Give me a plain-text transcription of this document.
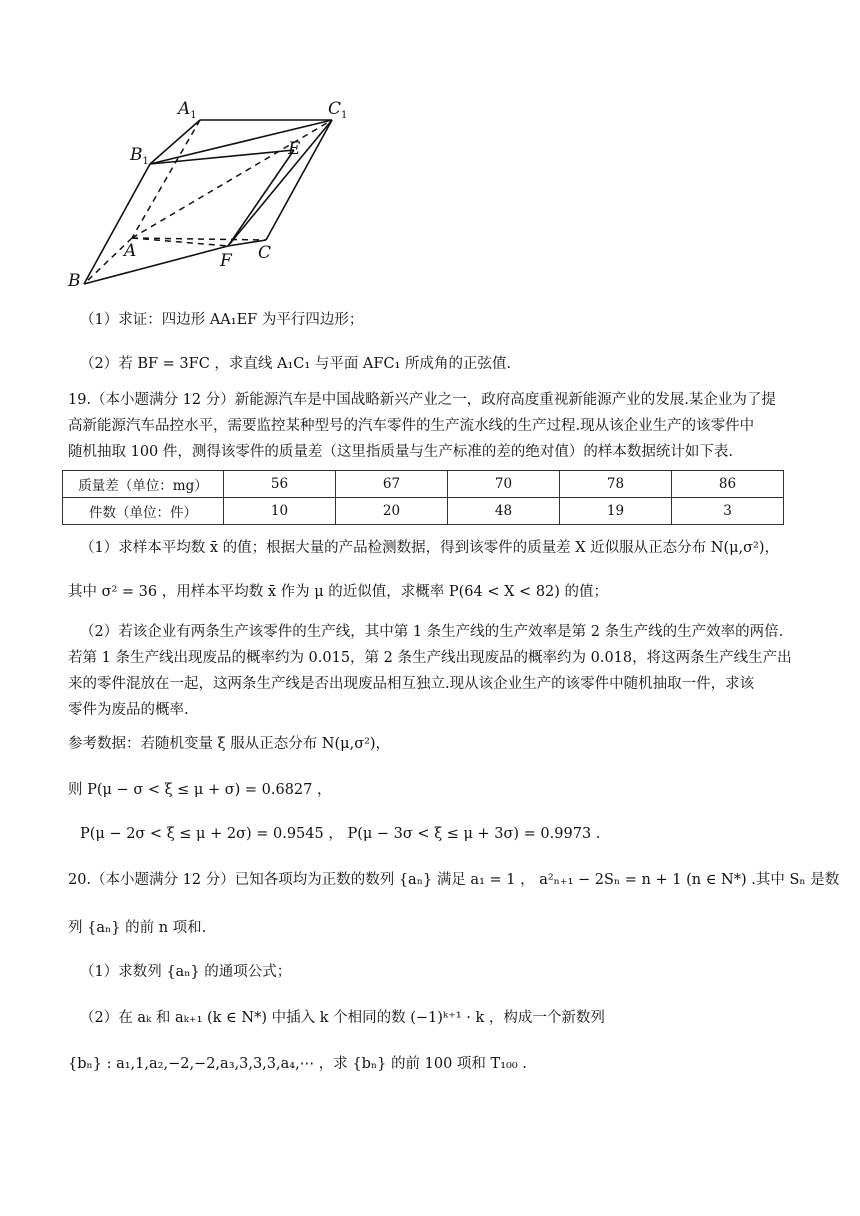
$A_1$	$C_1$
$B_1$
E
A	F C
B
（1）求证：四边形 AA₁EF 为平行四边形；
（2）若 BF = 3FC ，求直线 A₁C₁ 与平面 AFC₁ 所成角的正弦值.
19.（本小题满分 12 分）新能源汽车是中国战略新兴产业之一，政府高度重视新能源产业的发展.某企业为了提
高新能源汽车品控水平，需要监控某种型号的汽车零件的生产流水线的生产过程.现从该企业生产的该零件中
随机抽取 100 件，测得该零件的质量差（这里指质量与生产标准的差的绝对值）的样本数据统计如下表.
质量差（单位：mg）	56	67	70	78	86
件数（单位：件）	10	20	48	19	3
（1）求样本平均数 x̄ 的值；根据大量的产品检测数据，得到该零件的质量差 X 近似服从正态分布 N(μ,σ²)，
其中 σ² = 36 ，用样本平均数 x̄ 作为 μ 的近似值，求概率 P(64 < X < 82) 的值；
（2）若该企业有两条生产该零件的生产线，其中第 1 条生产线的生产效率是第 2 条生产线的生产效率的两倍.
若第 1 条生产线出现废品的概率约为 0.015，第 2 条生产线出现废品的概率约为 0.018，将这两条生产线生产出
来的零件混放在一起，这两条生产线是否出现废品相互独立.现从该企业生产的该零件中随机抽取一件，求该
零件为废品的概率.
参考数据：若随机变量 ξ 服从正态分布 N(μ,σ²)，
则 P(μ − σ < ξ ≤ μ + σ) = 0.6827 ，
P(μ − 2σ < ξ ≤ μ + 2σ) = 0.9545 ， P(μ − 3σ < ξ ≤ μ + 3σ) = 0.9973 .
20.（本小题满分 12 分）已知各项均为正数的数列 {aₙ} 满足 a₁ = 1 ， a²ₙ₊₁ − 2Sₙ = n + 1 (n ∈ N*) .其中 Sₙ 是数
列 {aₙ} 的前 n 项和.
（1）求数列 {aₙ} 的通项公式；
（2）在 aₖ 和 aₖ₊₁ (k ∈ N*) 中插入 k 个相同的数 (−1)ᵏ⁺¹ · k ，构成一个新数列
{bₙ} : a₁,1,a₂,−2,−2,a₃,3,3,3,a₄,⋯ ，求 {bₙ} 的前 100 项和 T₁₀₀ .
